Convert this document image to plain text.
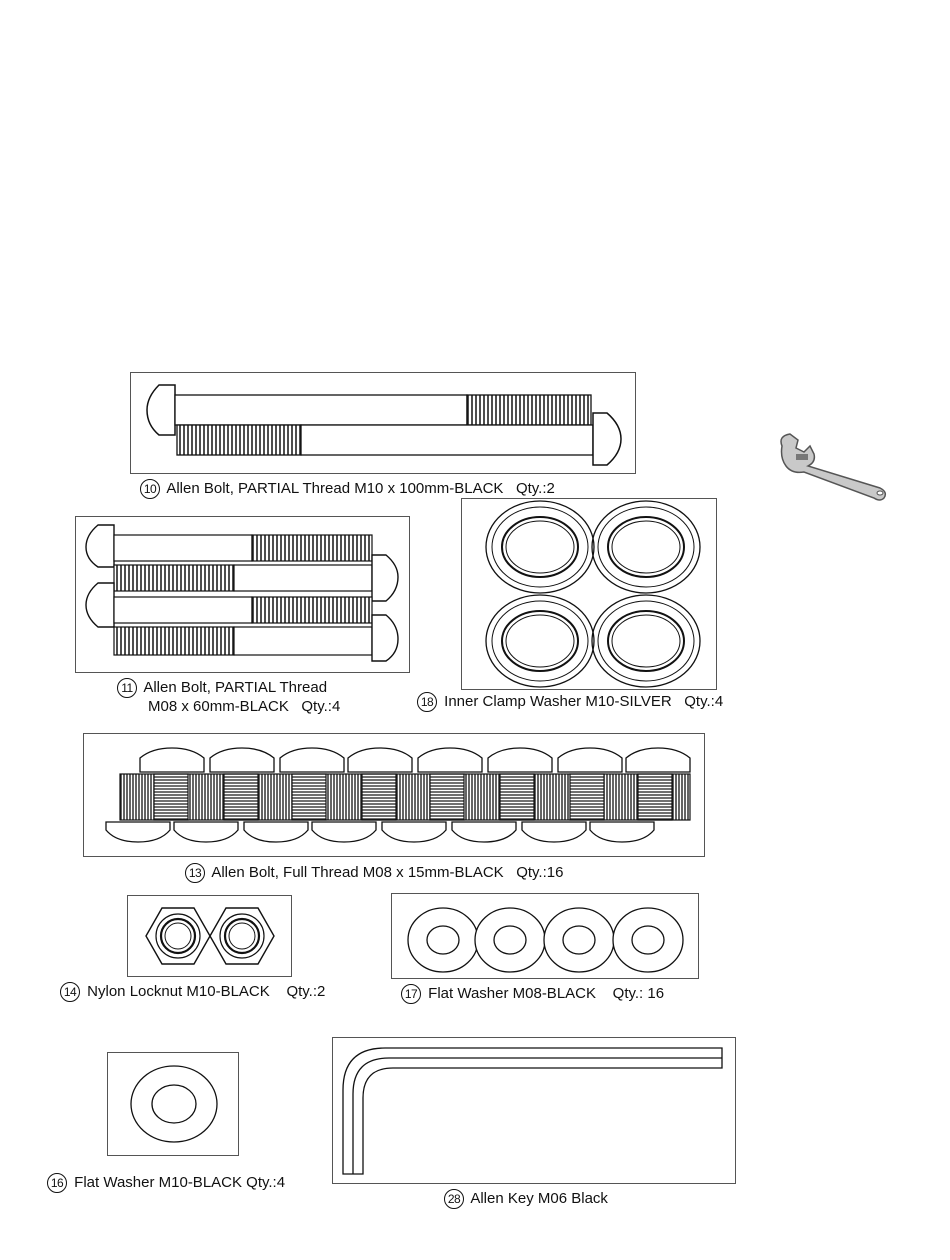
10 Allen Bolt, PARTIAL Thread M10 x 100mm-BLACK Qty.:2
11 Allen Bolt, PARTIAL Thread
M08 x 60mm-BLACK Qty.:4	18 Inner Clamp Washer M10-SILVER Qty.:4
13 Allen Bolt, Full Thread M08 x 15mm-BLACK Qty.:16
14 Nylon Locknut M10-BLACK Qty.:2	17 Flat Washer M08-BLACK Qty.: 16
16 Flat Washer M10-BLACK Qty.:4
28 Allen Key M06 Black
